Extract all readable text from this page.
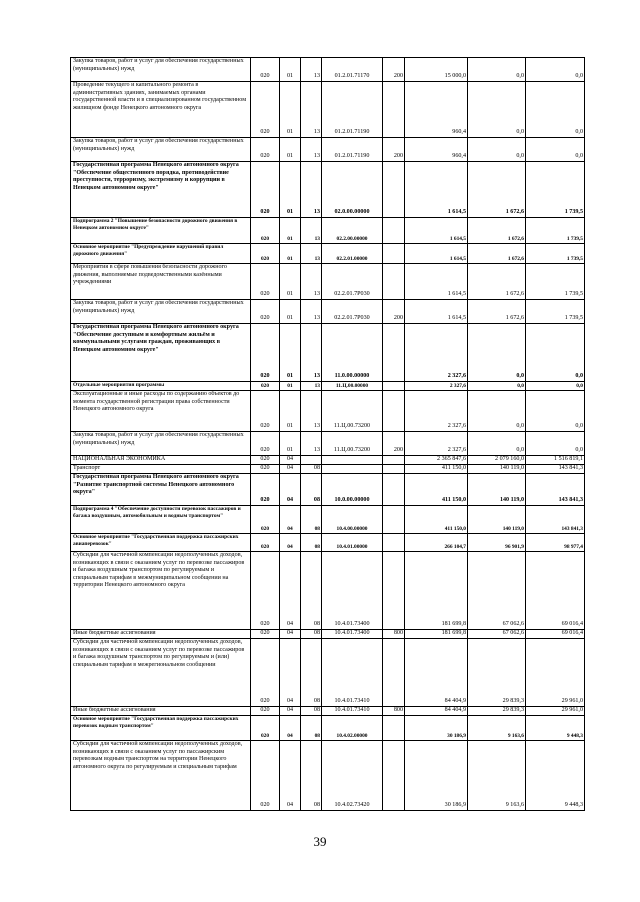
Закупка товаров, работ и услуг для обеспечения государственных (муниципальных) нужд	020	01	13	01.2.01.71170	200	15 000,0	0,0	0,0
Проведение текущего и капитального ремонта в административных зданиях, занимаемых органами государственной власти и в специализированном государственном жилищном фонде Ненецкого автономного округа	020	01	13	01.2.01.71190		960,4	0,0	0,0
Закупка товаров, работ и услуг для обеспечения государственных (муниципальных) нужд	020	01	13	01.2.01.71190	200	960,4	0,0	0,0
Государственная программа Ненецкого автономного округа "Обеспечение общественного порядка, противодействие преступности, терроризму, экстремизму и коррупции в Ненецком автономном округе"	020	01	13	02.0.00.00000		1 614,5	1 672,6	1 739,5
Подпрограмма 2 "Повышение безопасности дорожного движения в Ненецком автономном округе"	020	01	13	02.2.00.00000		1 614,5	1 672,6	1 739,5
Основное мероприятие "Предупреждение нарушений правил дорожного движения"	020	01	13	02.2.01.00000		1 614,5	1 672,6	1 739,5
Мероприятия в сфере повышения безопасности дорожного движения, выполняемые подведомственными казёнными учреждениями	020	01	13	02.2.01.7Р030		1 614,5	1 672,6	1 739,5
Закупка товаров, работ и услуг для обеспечения государственных (муниципальных) нужд	020	01	13	02.2.01.7Р030	200	1 614,5	1 672,6	1 739,5
Государственная программа Ненецкого автономного округа "Обеспечение доступным и комфортным жильём и коммунальными услугами граждан, проживающих в Ненецком автономном округе"	020	01	13	11.0.00.00000		2 327,6	0,0	0,0
Отдельные мероприятия программы	020	01	13	11.Ц.00.00000		2 327,6	0,0	0,0
Эксплуатационные и иные расходы по содержанию объектов до момента государственной регистрации права собственности Ненецкого автономного округа	020	01	13	11.Ц.00.73200		2 327,6	0,0	0,0
Закупка товаров, работ и услуг для обеспечения государственных (муниципальных) нужд	020	01	13	11.Ц.00.73200	200	2 327,6	0,0	0,0
НАЦИОНАЛЬНАЯ ЭКОНОМИКА	020	04				2 365 847,6	2 079 160,0	1 516 819,1
Транспорт	020	04	08			411 150,0	140 119,0	143 841,3
Государственная программа Ненецкого автономного округа "Развитие транспортной системы Ненецкого автономного округа"	020	04	08	10.0.00.00000		411 150,0	140 119,0	143 841,3
Подпрограмма 4 "Обеспечение доступности перевозок пассажиров и багажа воздушным, автомобильным и водным транспортом"	020	04	08	10.4.00.00000		411 150,0	140 119,0	143 841,3
Основное мероприятие "Государственная поддержка пассажирских авиаперевозок"	020	04	08	10.4.01.00000		266 104,7	96 901,9	98 977,4
Субсидии для частичной компенсации недополученных доходов, возникающих в связи с оказанием услуг по перевозке пассажиров и багажа воздушным транспортом по регулируемым и специальным тарифам в межмуниципальном сообщении на территории Ненецкого автономного округа	020	04	08	10.4.01.73400		181 699,8	67 062,6	69 016,4
Иные бюджетные ассигнования	020	04	08	10.4.01.73400	800	181 699,8	67 062,6	69 016,4
Субсидии для частичной компенсации недополученных доходов, возникающих в связи с оказанием услуг по перевозке пассажиров и багажа воздушным транспортом по регулируемым и (или) специальным тарифам в межрегиональном сообщении	020	04	08	10.4.01.73410		84 404,9	29 839,3	29 961,0
Иные бюджетные ассигнования	020	04	08	10.4.01.73410	800	84 404,9	29 839,3	29 961,0
Основное мероприятие "Государственная поддержка пассажирских перевозок водным транспортом"	020	04	08	10.4.02.00000		30 186,9	9 163,6	9 448,3
Субсидии для частичной компенсации недополученных доходов, возникающих в связи с оказанием услуг по пассажирским перевозкам водным транспортом на территории Ненецкого автономного округа по регулируемым и специальным тарифам	020	04	08	10.4.02.73420		30 186,9	9 163,6	9 448,3
39
